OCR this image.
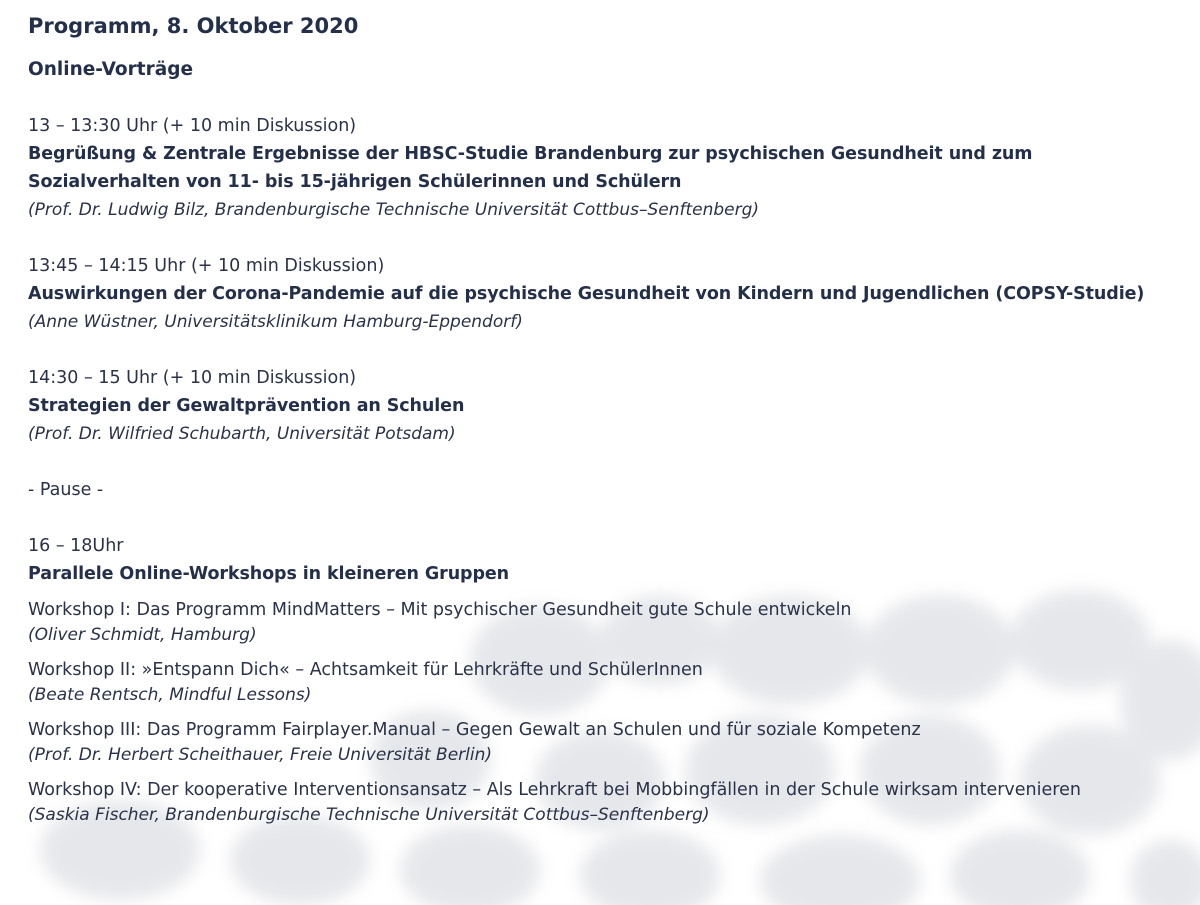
Programm, 8. Oktober 2020
Online-Vorträge
13 – 13:30 Uhr (+ 10 min Diskussion)
Begrüßung & Zentrale Ergebnisse der HBSC-Studie Brandenburg zur psychischen Gesundheit und zum Sozialverhalten von 11- bis 15-jährigen Schülerinnen und Schülern
(Prof. Dr. Ludwig Bilz, Brandenburgische Technische Universität Cottbus–Senftenberg)
13:45 – 14:15 Uhr (+ 10 min Diskussion)
Auswirkungen der Corona-Pandemie auf die psychische Gesundheit von Kindern und Jugendlichen (COPSY-Studie)
(Anne Wüstner, Universitätsklinikum Hamburg-Eppendorf)
14:30 – 15 Uhr (+ 10 min Diskussion)
Strategien der Gewaltprävention an Schulen
(Prof. Dr. Wilfried Schubarth, Universität Potsdam)
- Pause -
16 – 18Uhr
Parallele Online-Workshops in kleineren Gruppen
Workshop I: Das Programm MindMatters – Mit psychischer Gesundheit gute Schule entwickeln
(Oliver Schmidt, Hamburg)
Workshop II: »Entspann Dich« – Achtsamkeit für Lehrkräfte und SchülerInnen
(Beate Rentsch, Mindful Lessons)
Workshop III: Das Programm Fairplayer.Manual – Gegen Gewalt an Schulen und für soziale Kompetenz
(Prof. Dr. Herbert Scheithauer, Freie Universität Berlin)
Workshop IV: Der kooperative Interventionsansatz – Als Lehrkraft bei Mobbingfällen in der Schule wirksam intervenieren
(Saskia Fischer, Brandenburgische Technische Universität Cottbus–Senftenberg)
